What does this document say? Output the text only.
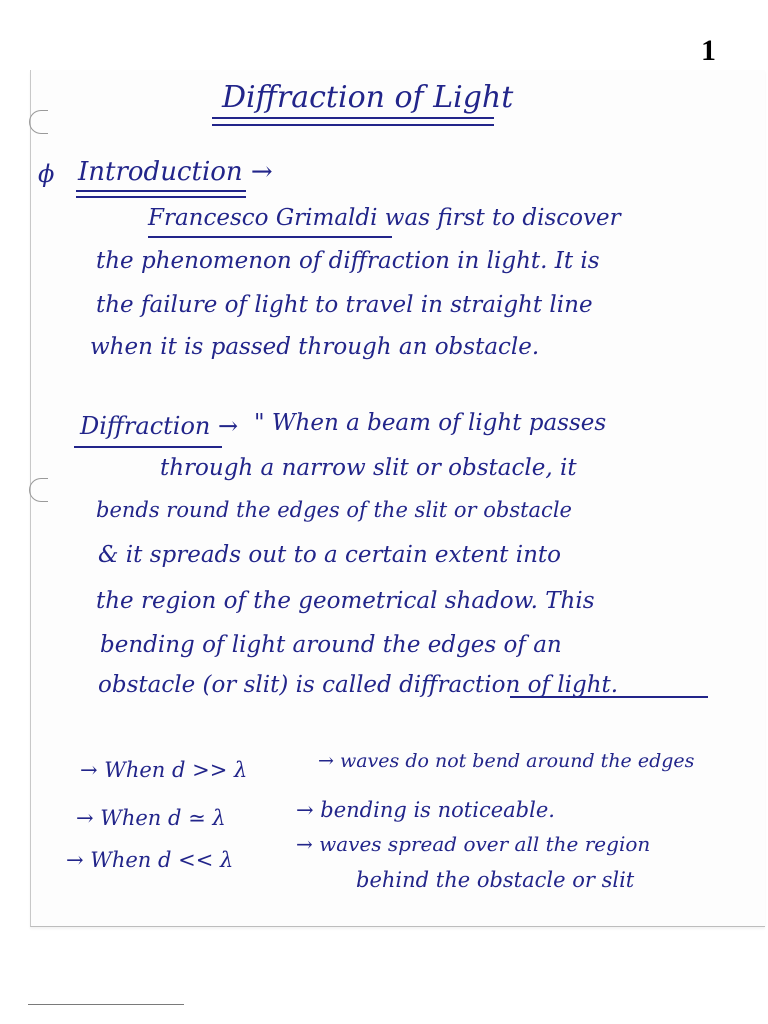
1
Diffraction of Light
ϕ Introduction →
Francesco Grimaldi was first to discover
the phenomenon of diffraction in light. It is
the failure of light to travel in straight line
when it is passed through an obstacle.
Diffraction → " When a beam of light passes
through a narrow slit or obstacle, it
bends round the edges of the slit or obstacle
& it spreads out to a certain extent into
the region of the geometrical shadow. This
bending of light around the edges of an
obstacle (or slit) is called diffraction of light.
→ When d >> λ	→ waves do not bend around the edges
→ When d ≃ λ	→ bending is noticeable.
→ When d << λ
→ waves spread over all the region
behind the obstacle or slit
